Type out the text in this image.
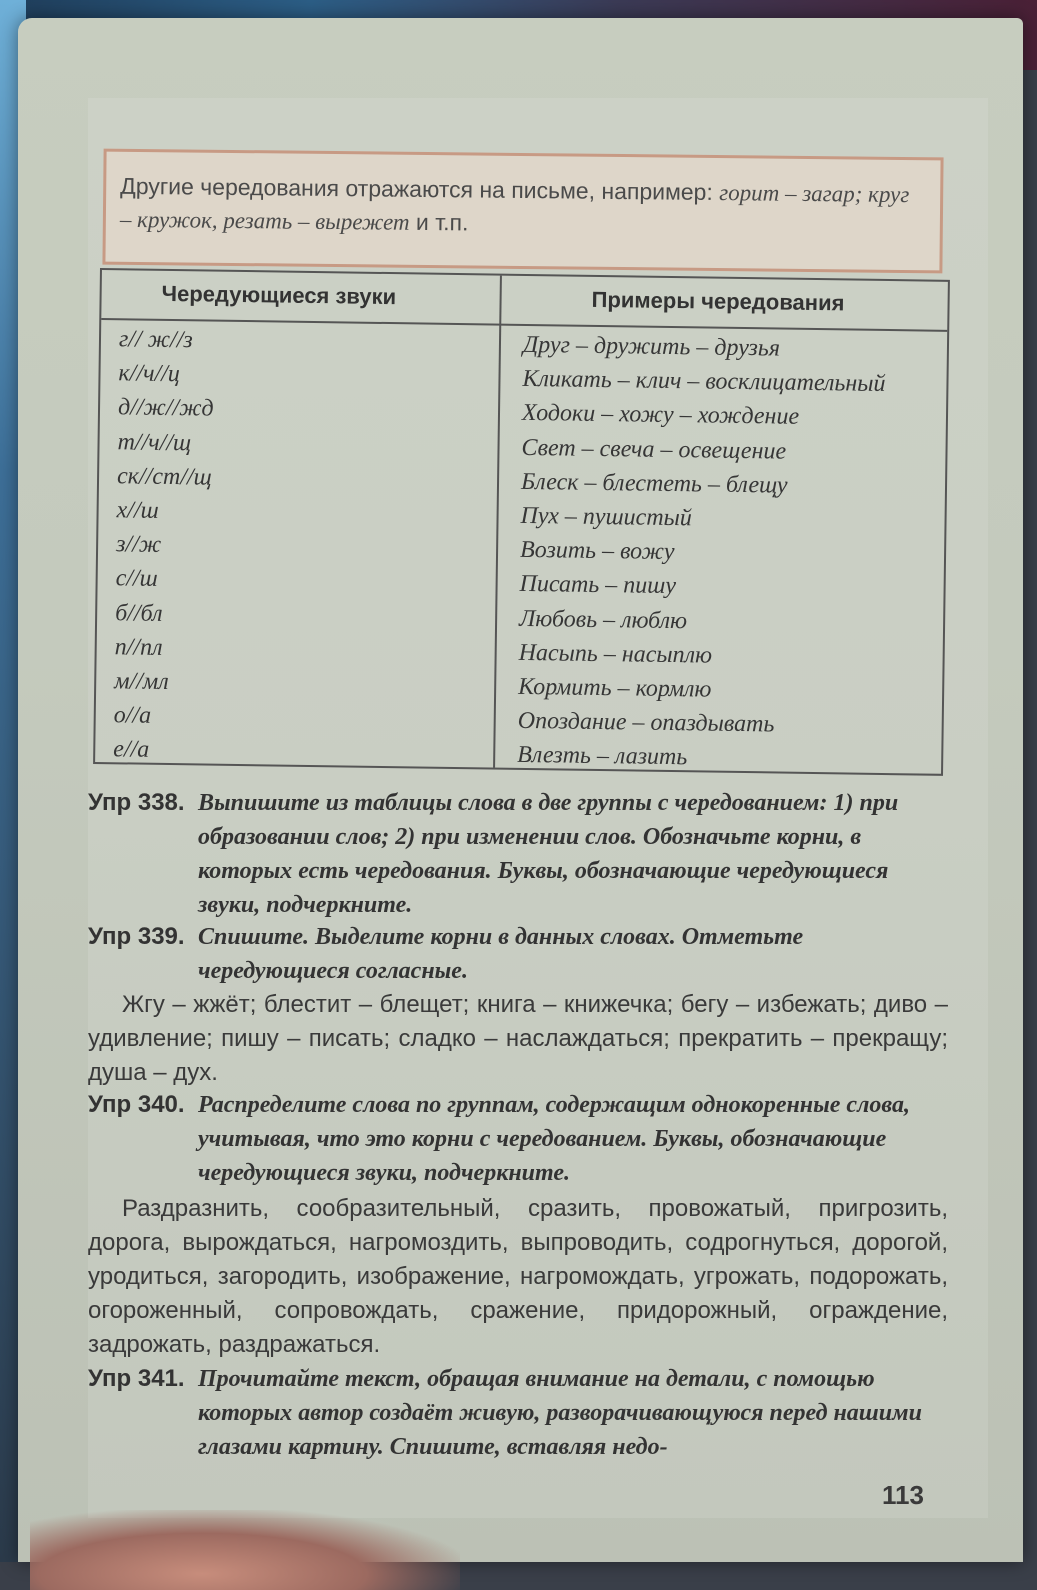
Другие чередования отражаются на письме, например: горит – загар; круг – кружок, резать – вырежет и т.п.
Чередующиеся звуки	Примеры чередования
г// ж//з
к//ч//ц
д//ж//жд
т//ч//щ
ск//ст//щ
х//ш
з//ж
с//ш
б//бл
п//пл
м//мл
о//а
е//а
Друг – дружить – друзья
Кликать – клич – восклицательный
Ходоки – хожу – хождение
Свет – свеча – освещение
Блеск – блестеть – блещу
Пух – пушистый
Возить – вожу
Писать – пишу
Любовь – люблю
Насыпь – насыплю
Кормить – кормлю
Опоздание – опаздывать
Влезть – лазить
Упр 338. Выпишите из таблицы слова в две группы с чередованием: 1) при образовании слов; 2) при изменении слов. Обозначьте корни, в которых есть чередования. Буквы, обозначающие чередующиеся звуки, подчеркните.
Упр 339. Спишите. Выделите корни в данных словах. Отметьте чередующиеся согласные.
Жгу – жжёт; блестит – блещет; книга – книжечка; бегу – избежать; диво – удивление; пишу – писать; сладко – наслаждаться; прекратить – прекращу; душа – дух.
Упр 340. Распределите слова по группам, содержащим однокоренные слова, учитывая, что это корни с чередованием. Буквы, обозначающие чередующиеся звуки, подчеркните.
Раздразнить, сообразительный, сразить, провожатый, пригрозить, дорога, вырождаться, нагромоздить, выпроводить, содрогнуться, дорогой, уродиться, загородить, изображение, нагромождать, угрожать, подорожать, огороженный, сопровождать, сражение, придорожный, ограждение, задрожать, раздражаться.
Упр 341. Прочитайте текст, обращая внимание на детали, с помощью которых автор создаёт живую, разворачивающуюся перед нашими глазами картину. Спишите, вставляя недо-
113
